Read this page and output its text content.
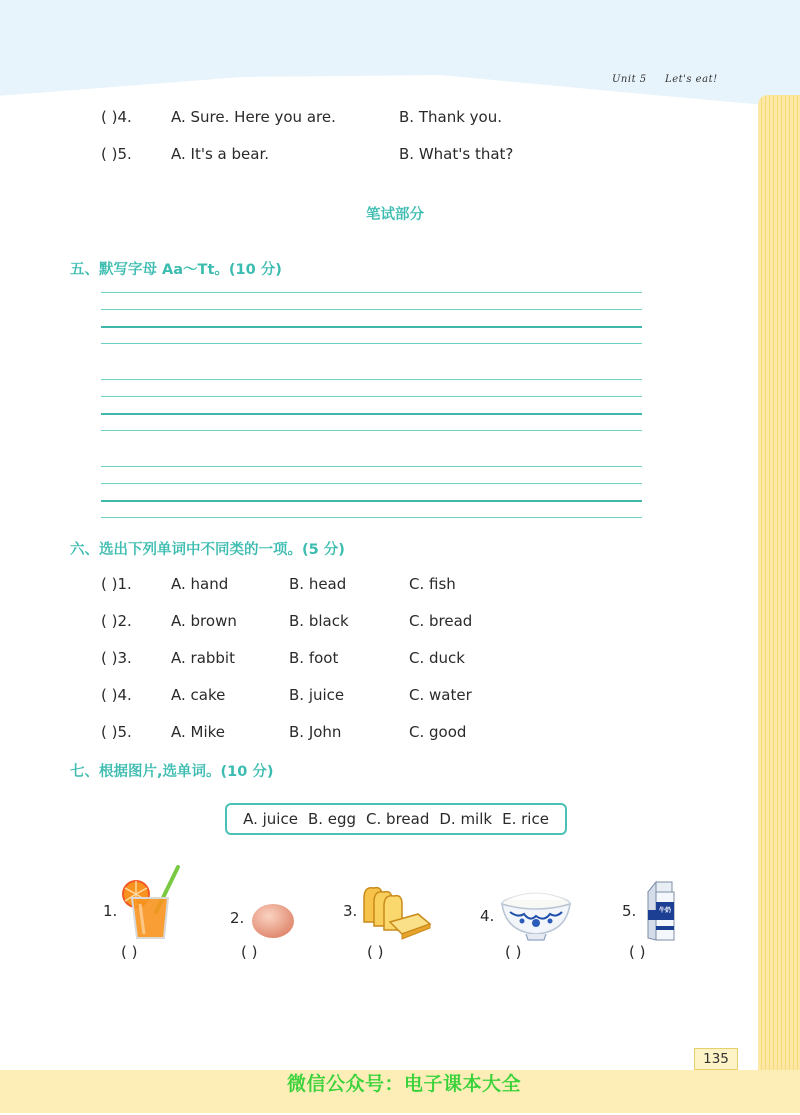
Unit 5 Let's eat!
( )4.	A. Sure. Here you are.	B. Thank you.
( )5.	A. It's a bear.	B. What's that?
笔试部分
五、默写字母 Aa～Tt。(10 分)
六、选出下列单词中不同类的一项。(5 分)
( )1.	A. hand	B. head	C. fish
( )2.	A. brown	B. black	C. bread
( )3.	A. rabbit	B. foot	C. duck
( )4.	A. cake	B. juice	C. water
( )5.	A. Mike	B. John	C. good
七、根据图片,选单词。(10 分)
A. juice B. egg C. bread D. milk E. rice
1.
( )
2.
( )
3.
( )
4.
( )
5.	牛奶
( )
135
微信公众号：电子课本大全
